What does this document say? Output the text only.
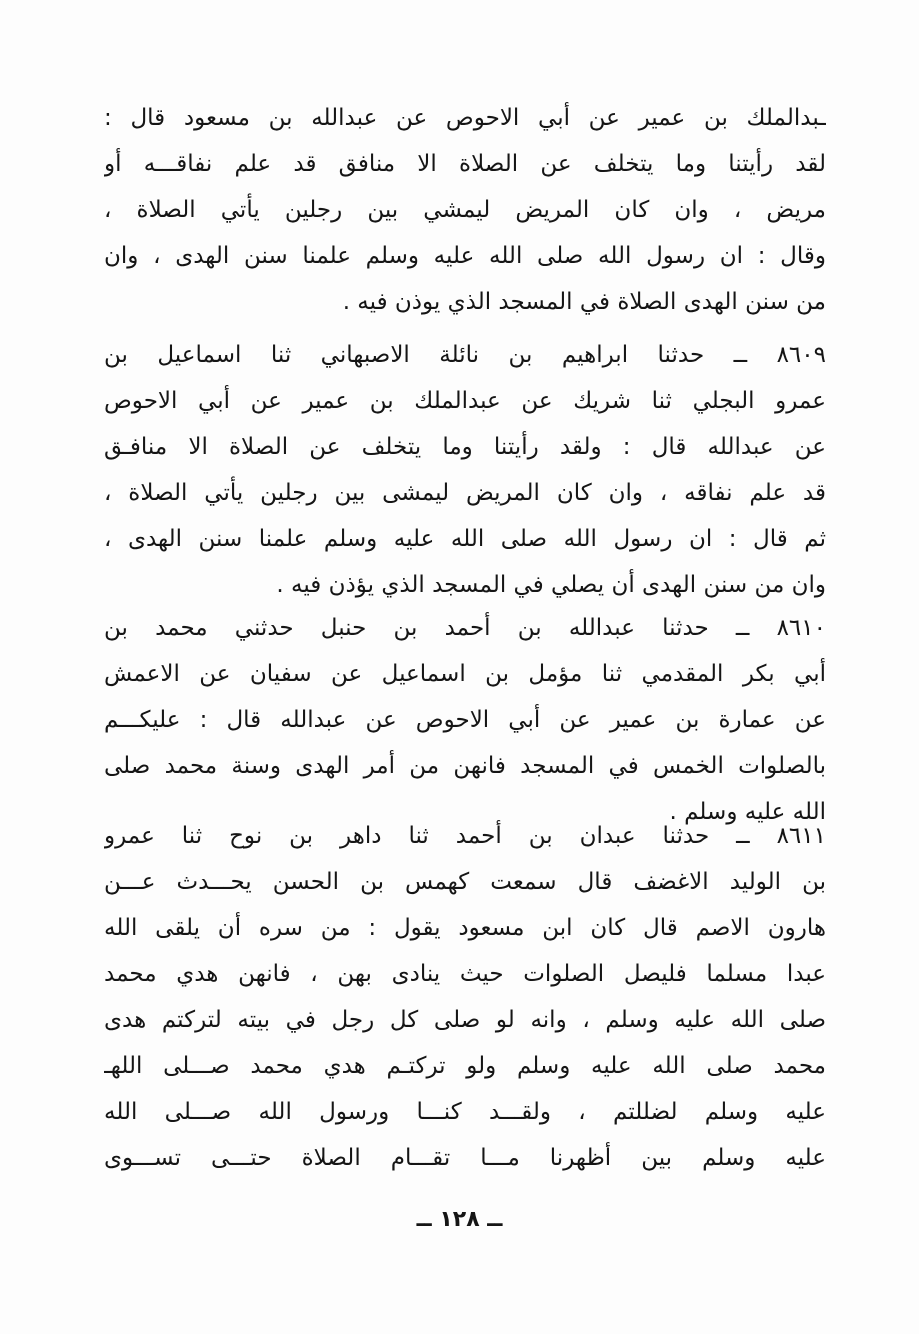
ـبدالملك بن عمير عن أبي الاحوص عن عبدالله بن مسعود قال :
لقد رأيتنا وما يتخلف عن الصلاة الا منافق قد علم نفاقـــه أو
مريض ، وان كان المريض ليمشي بين رجلين يأتي الصلاة ،
وقال : ان رسول الله صلى الله عليه وسلم علمنا سنن الهدى ، وان
من سنن الهدى الصلاة في المسجد الذي يوذن فيه .
٨٦٠٩ ــ حدثنا ابراهيم بن نائلة الاصبهاني ثنا اسماعيل بن
عمرو البجلي ثنا شريك عن عبدالملك بن عمير عن أبي الاحوص
عن عبدالله قال : ولقد رأيتنا وما يتخلف عن الصلاة الا منافـق
قد علم نفاقه ، وان كان المريض ليمشى بين رجلين يأتي الصلاة ،
ثم قال : ان رسول الله صلى الله عليه وسلم علمنا سنن الهدى ،
وان من سنن الهدى أن يصلي في المسجد الذي يؤذن فيه .
٨٦١٠ ــ حدثنا عبدالله بن أحمد بن حنبل حدثني محمد بن
أبي بكر المقدمي ثنا مؤمل بن اسماعيل عن سفيان عن الاعمش
عن عمارة بن عمير عن أبي الاحوص عن عبدالله قال : عليكـــم
بالصلوات الخمس في المسجد فانهن من أمر الهدى وسنة محمد صلى
الله عليه وسلم .
٨٦١١ ــ حدثنا عبدان بن أحمد ثنا داهر بن نوح ثنا عمرو
بن الوليد الاغضف قال سمعت كهمس بن الحسن يحـــدث عـــن
هارون الاصم قال كان ابن مسعود يقول : من سره أن يلقى الله
عبدا مسلما فليصل الصلوات حيث ينادى بهن ، فانهن هدي محمد
صلى الله عليه وسلم ، وانه لو صلى كل رجل في بيته لتركتم هدى
محمد صلى الله عليه وسلم ولو تركتـم هدي محمد صـــلى اللهـ
عليه وسلم لضللتم ، ولقـــد كنـــا ورسول الله صـــلى الله
عليه وسلم بين أظهرنا مـــا تقـــام الصلاة حتـــى تســـوى
ــ ١٢٨ ــ
